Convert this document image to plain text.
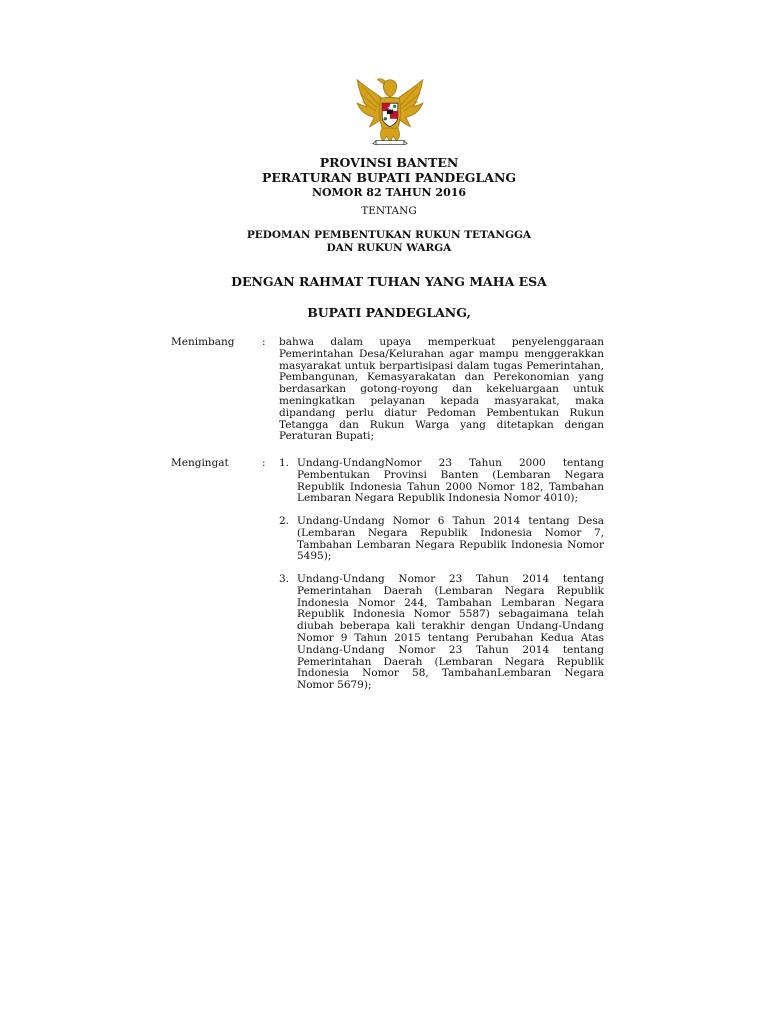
PROVINSI BANTEN
PERATURAN BUPATI PANDEGLANG
NOMOR 82 TAHUN 2016
TENTANG
PEDOMAN PEMBENTUKAN RUKUN TETANGGA
DAN RUKUN WARGA
DENGAN RAHMAT TUHAN YANG MAHA ESA
BUPATI PANDEGLANG,
Menimbang	: bahwa dalam upaya memperkuat penyelenggaraan Pemerintahan Desa/Kelurahan agar mampu menggerakkan masyarakat untuk berpartisipasi dalam tugas Pemerintahan, Pembangunan, Kemasyarakatan dan Perekonomian yang berdasarkan gotong-royong dan kekeluargaan untuk meningkatkan pelayanan kepada masyarakat, maka dipandang perlu diatur Pedoman Pembentukan Rukun Tetangga dan Rukun Warga yang ditetapkan dengan Peraturan Bupati;
Mengingat	: 1. Undang-UndangNomor 23 Tahun 2000 tentang Pembentukan Provinsi Banten (Lembaran Negara Republik Indonesia Tahun 2000 Nomor 182, Tambahan Lembaran Negara Republik Indonesia Nomor 4010);
2. Undang-Undang Nomor 6 Tahun 2014 tentang Desa (Lembaran Negara Republik Indonesia Nomor 7, Tambahan Lembaran Negara Republik Indonesia Nomor 5495);
3. Undang-Undang Nomor 23 Tahun 2014 tentang Pemerintahan Daerah (Lembaran Negara Republik Indonesia Nomor 244, Tambahan Lembaran Negara Republik Indonesia Nomor 5587) sebagaimana telah diubah beberapa kali terakhir dengan Undang-Undang Nomor 9 Tahun 2015 tentang Perubahan Kedua Atas Undang-Undang Nomor 23 Tahun 2014 tentang Pemerintahan Daerah (Lembaran Negara Republik Indonesia Nomor 58, TambahanLembaran Negara Nomor 5679);
